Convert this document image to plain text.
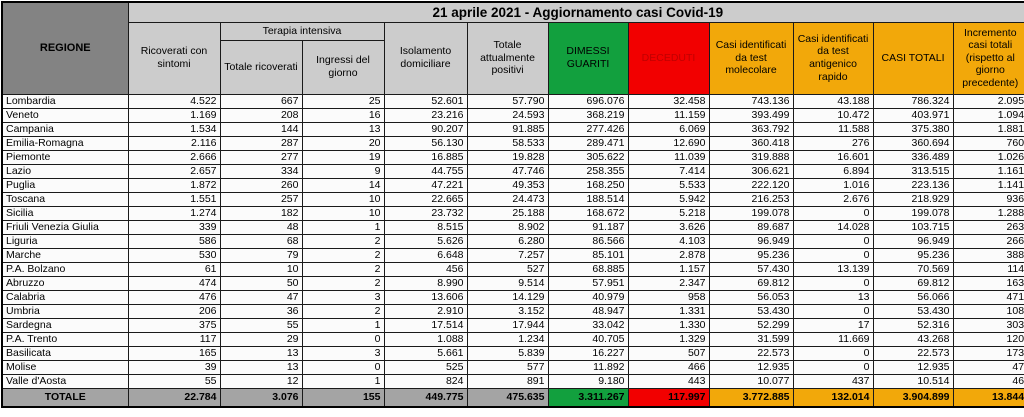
REGIONE	21 aprile 2021 - Aggiornamento casi Covid-19										
	Ricoverati con sintomi	Terapia intensiva		Isolamento domiciliare	Totale attualmente positivi	DIMESSI GUARITI	DECEDUTI	Casi identificati da test molecolare	Casi identificati da test antigenico rapido	CASI TOTALI	Incremento casi totali (rispetto al giorno precedente)
		Totale ricoverati	Ingressi del giorno								
Lombardia	4.522	667	25	52.601	57.790	696.076	32.458	743.136	43.188	786.324	2.095
Veneto	1.169	208	16	23.216	24.593	368.219	11.159	393.499	10.472	403.971	1.094
Campania	1.534	144	13	90.207	91.885	277.426	6.069	363.792	11.588	375.380	1.881
Emilia-Romagna	2.116	287	20	56.130	58.533	289.471	12.690	360.418	276	360.694	760
Piemonte	2.666	277	19	16.885	19.828	305.622	11.039	319.888	16.601	336.489	1.026
Lazio	2.657	334	9	44.755	47.746	258.355	7.414	306.621	6.894	313.515	1.161
Puglia	1.872	260	14	47.221	49.353	168.250	5.533	222.120	1.016	223.136	1.141
Toscana	1.551	257	10	22.665	24.473	188.514	5.942	216.253	2.676	218.929	936
Sicilia	1.274	182	10	23.732	25.188	168.672	5.218	199.078	0	199.078	1.288
Friuli Venezia Giulia	339	48	1	8.515	8.902	91.187	3.626	89.687	14.028	103.715	263
Liguria	586	68	2	5.626	6.280	86.566	4.103	96.949	0	96.949	266
Marche	530	79	2	6.648	7.257	85.101	2.878	95.236	0	95.236	388
P.A. Bolzano	61	10	2	456	527	68.885	1.157	57.430	13.139	70.569	114
Abruzzo	474	50	2	8.990	9.514	57.951	2.347	69.812	0	69.812	163
Calabria	476	47	3	13.606	14.129	40.979	958	56.053	13	56.066	471
Umbria	206	36	2	2.910	3.152	48.947	1.331	53.430	0	53.430	108
Sardegna	375	55	1	17.514	17.944	33.042	1.330	52.299	17	52.316	303
P.A. Trento	117	29	0	1.088	1.234	40.705	1.329	31.599	11.669	43.268	120
Basilicata	165	13	3	5.661	5.839	16.227	507	22.573	0	22.573	173
Molise	39	13	0	525	577	11.892	466	12.935	0	12.935	47
Valle d'Aosta	55	12	1	824	891	9.180	443	10.077	437	10.514	46
TOTALE	22.784	3.076	155	449.775	475.635	3.311.267	117.997	3.772.885	132.014	3.904.899	13.844
